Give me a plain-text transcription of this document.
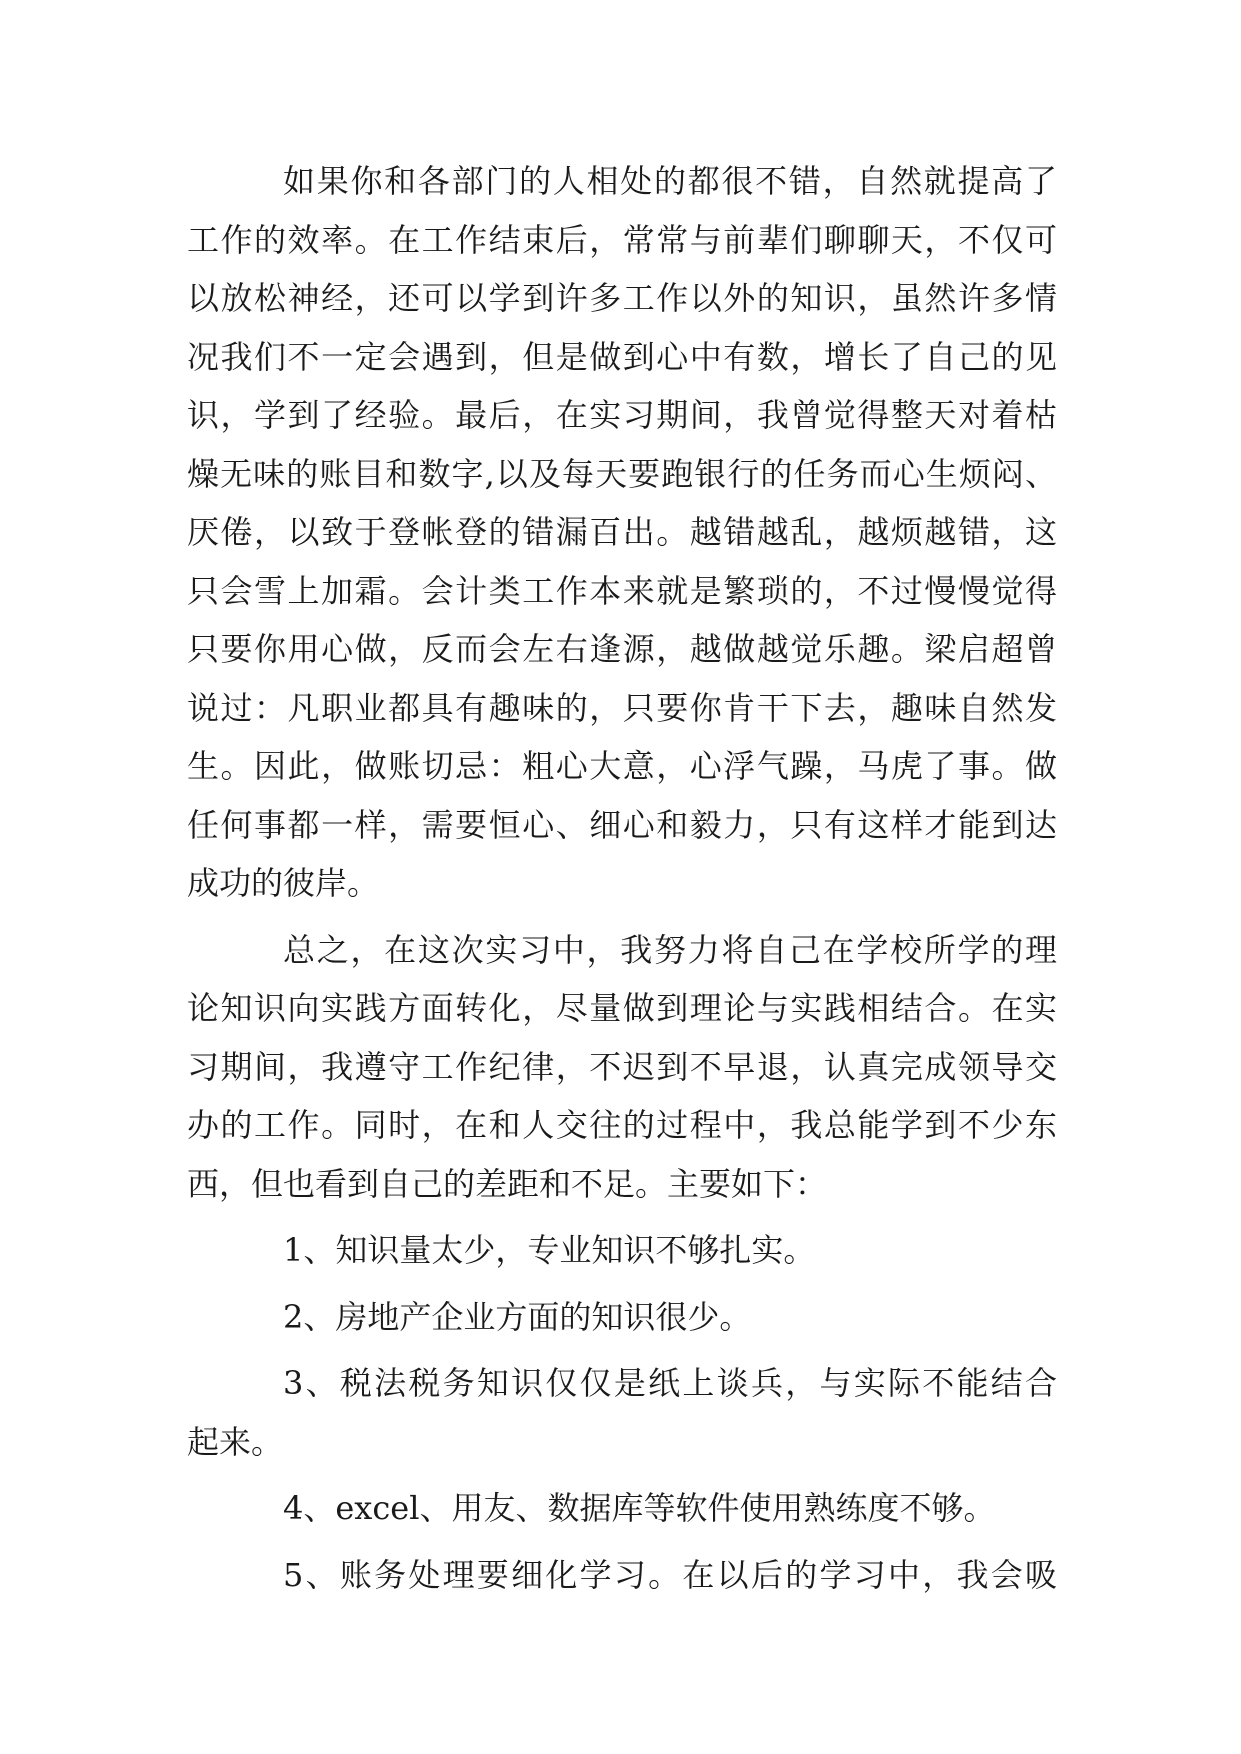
如果你和各部门的人相处的都很不错，自然就提高了
工作的效率。在工作结束后，常常与前辈们聊聊天，不仅可
以放松神经，还可以学到许多工作以外的知识，虽然许多情
况我们不一定会遇到，但是做到心中有数，增长了自己的见
识，学到了经验。最后，在实习期间，我曾觉得整天对着枯
燥无味的账目和数字,以及每天要跑银行的任务而心生烦闷、
厌倦，以致于登帐登的错漏百出。越错越乱，越烦越错，这
只会雪上加霜。会计类工作本来就是繁琐的，不过慢慢觉得
只要你用心做，反而会左右逢源，越做越觉乐趣。梁启超曾
说过：凡职业都具有趣味的，只要你肯干下去，趣味自然发
生。因此，做账切忌：粗心大意，心浮气躁，马虎了事。做
任何事都一样，需要恒心、细心和毅力，只有这样才能到达
成功的彼岸。
总之，在这次实习中，我努力将自己在学校所学的理
论知识向实践方面转化，尽量做到理论与实践相结合。在实
习期间，我遵守工作纪律，不迟到不早退，认真完成领导交
办的工作。同时，在和人交往的过程中，我总能学到不少东
西，但也看到自己的差距和不足。主要如下：
1、知识量太少，专业知识不够扎实。
2、房地产企业方面的知识很少。
3、税法税务知识仅仅是纸上谈兵，与实际不能结合
起来。
4、excel、用友、数据库等软件使用熟练度不够。
5、账务处理要细化学习。在以后的学习中，我会吸
